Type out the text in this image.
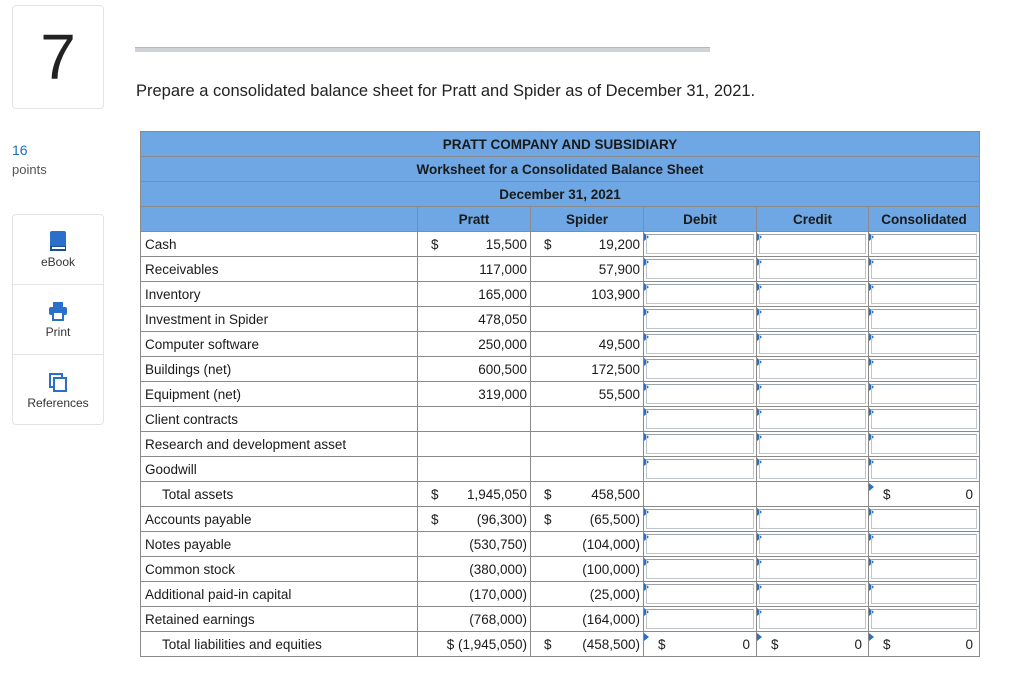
7
16
points
eBook
Print
References
Prepare a consolidated balance sheet for Pratt and Spider as of December 31, 2021.
PRATT COMPANY AND SUBSIDIARY					
Worksheet for a Consolidated Balance Sheet					
December 31, 2021					
	Pratt	Spider	Debit	Credit	Consolidated
Cash	$ 15,500	$ 19,200			

Receivables	117,000	57,900			

Inventory	165,000	103,900			

Investment in Spider	478,050				

Computer software	250,000	49,500			

Buildings (net)	600,500	172,500			

Equipment (net)	319,000	55,500			

Client contracts	

Research and development asset	

Goodwill	

Total assets	$ 1,945,050	$ 458,500			$ 0

Accounts payable	$ (96,300)	$ (65,500)			

Notes payable	(530,750)	(104,000)			

Common stock	(380,000)	(100,000)			

Additional paid-in capital	(170,000)	(25,000)			

Retained earnings	(768,000)	(164,000)			

Total liabilities and equities	$ (1,945,050)	$ (458,500)	$ 0	$ 0	$ 0
